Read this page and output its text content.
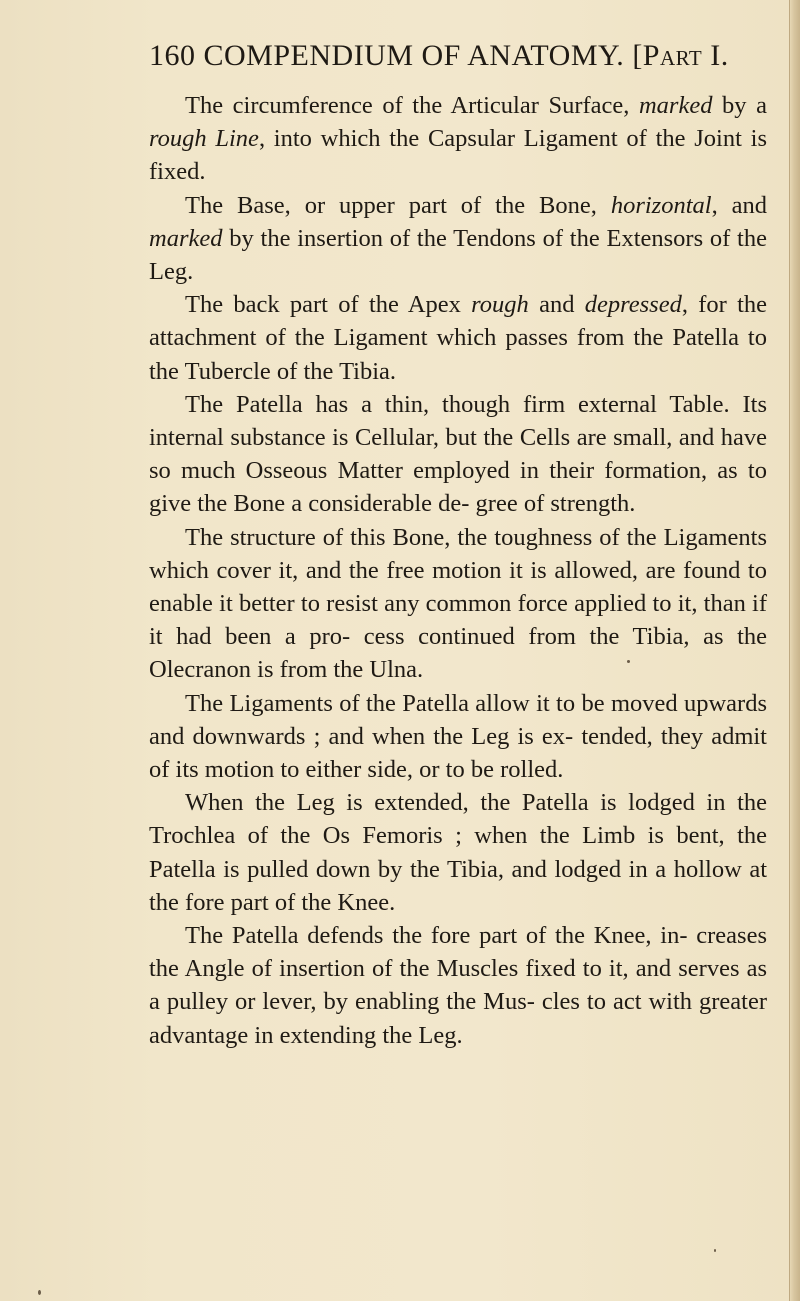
160 COMPENDIUM OF ANATOMY. [Part I.

The circumference of the Articular Surface, marked by a rough Line, into which the Capsular Ligament of the Joint is fixed.

The Base, or upper part of the Bone, horizontal, and marked by the insertion of the Tendons of the Extensors of the Leg.

The back part of the Apex rough and depressed, for the attachment of the Ligament which passes from the Patella to the Tubercle of the Tibia.

The Patella has a thin, though firm external Table. Its internal substance is Cellular, but the Cells are small, and have so much Osseous Matter employed in their formation, as to give the Bone a considerable de- gree of strength.

The structure of this Bone, the toughness of the Ligaments which cover it, and the free motion it is allowed, are found to enable it better to resist any common force applied to it, than if it had been a pro- cess continued from the Tibia, as the Olecranon is from the Ulna.

The Ligaments of the Patella allow it to be moved upwards and downwards ; and when the Leg is ex- tended, they admit of its motion to either side, or to be rolled.

When the Leg is extended, the Patella is lodged in the Trochlea of the Os Femoris ; when the Limb is bent, the Patella is pulled down by the Tibia, and lodged in a hollow at the fore part of the Knee.

The Patella defends the fore part of the Knee, in- creases the Angle of insertion of the Muscles fixed to it, and serves as a pulley or lever, by enabling the Mus- cles to act with greater advantage in extending the Leg.
